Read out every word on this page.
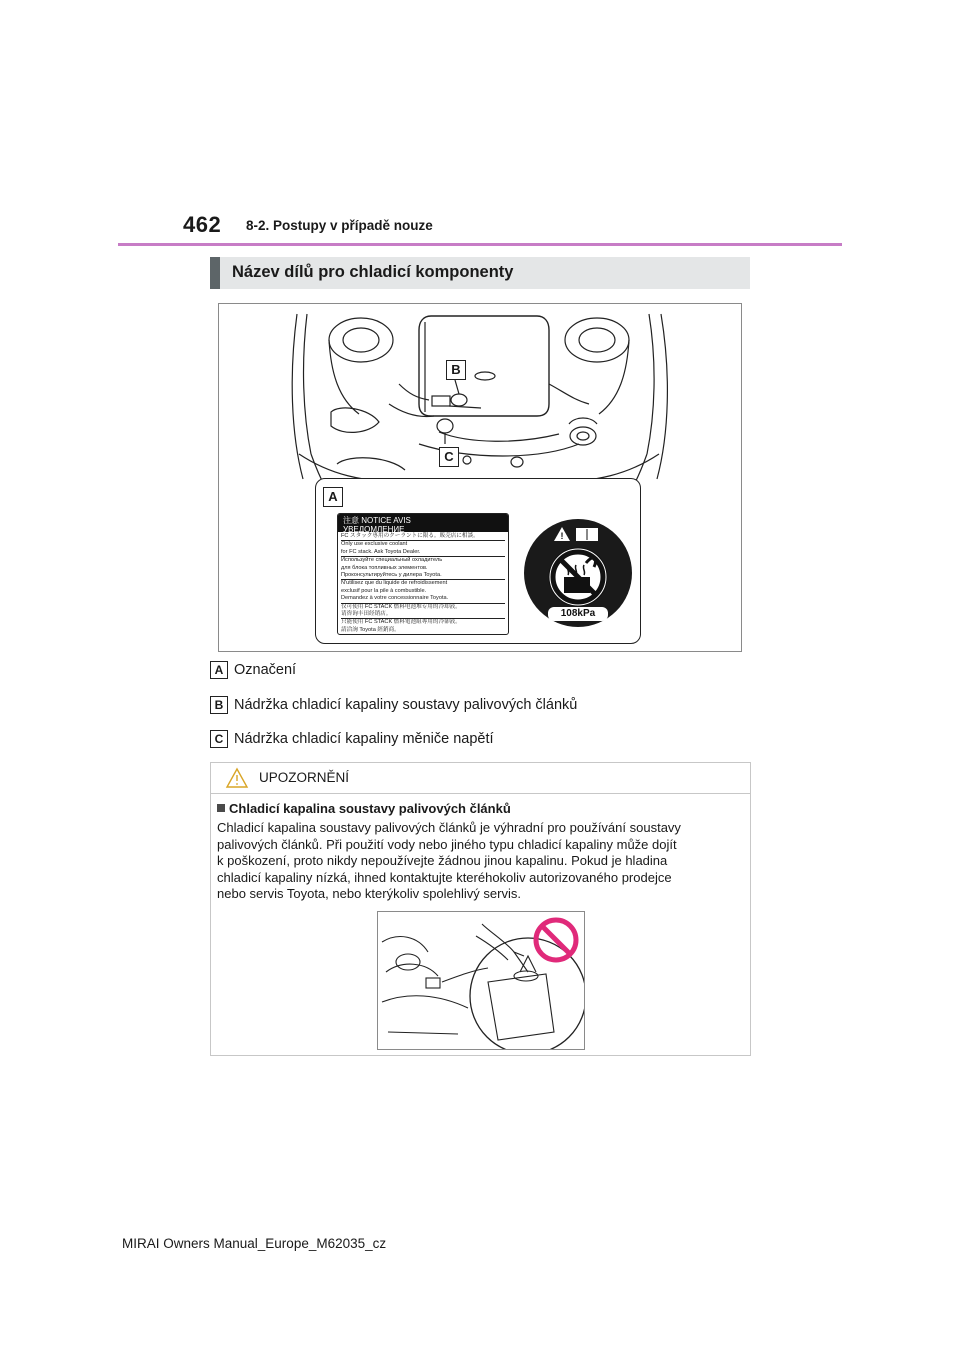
462 8-2. Postupy v případě nouze
Název dílů pro chladicí komponenty
B
C
A
注意 NOTICE AVIS
УВЕДОМЛЕНИЕ
FC スタック専用のクーラントに限る。販売店に相談。
Only use exclusive coolant
for FC stack. Ask Toyota Dealer.
Используйте специальный охладитель
для блока топливных элементов.
Проконсультируйтесь у дилера Toyota.
N'utilisez que du liquide de refroidissement
exclusif pour la pile à combustible.
Demandez à votre concessionnaire Toyota.
仅可使用 FC STACK 燃料电池堆专用的冷却液。
请咨询丰田经销店。
只能使用 FC STACK 燃料電池組專用的冷卻液。
請洽詢 Toyota 經銷商。
!
108kPa
A Označení
B Nádržka chladicí kapaliny soustavy palivových článků
C Nádržka chladicí kapaliny měniče napětí
UPOZORNĚNÍ
Chladicí kapalina soustavy palivových článků
Chladicí kapalina soustavy palivových článků je výhradní pro používání soustavy
palivových článků. Při použití vody nebo jiného typu chladicí kapaliny může dojít
k poškození, proto nikdy nepoužívejte žádnou jinou kapalinu. Pokud je hladina
chladicí kapaliny nízká, ihned kontaktujte kteréhokoliv autorizovaného prodejce
nebo servis Toyota, nebo kterýkoliv spolehlivý servis.
MIRAI Owners Manual_Europe_M62035_cz
